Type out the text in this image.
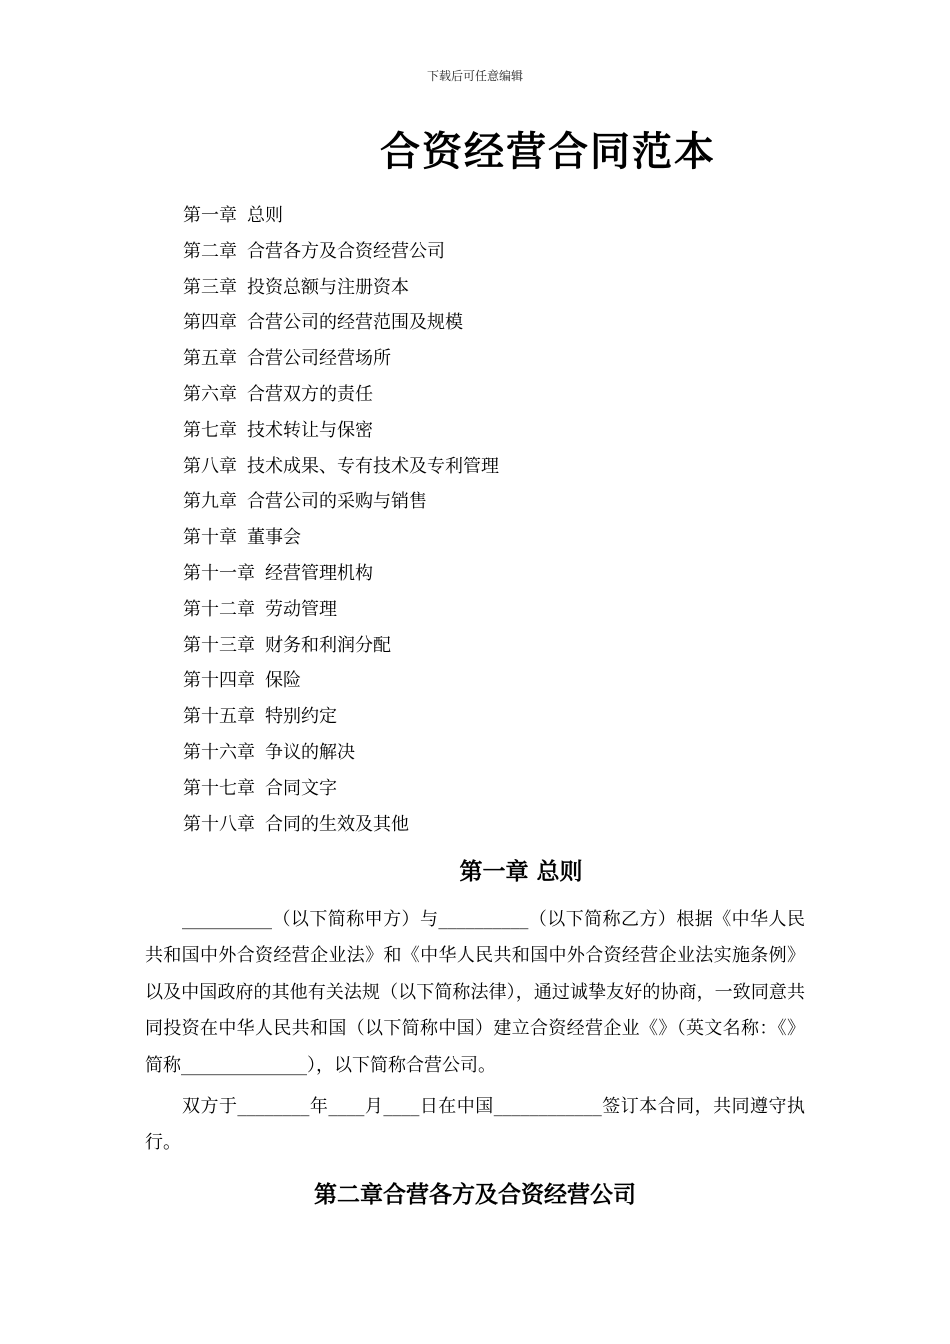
下载后可任意编辑
合资经营合同范本
第一章 总则
第二章 合营各方及合资经营公司
第三章 投资总额与注册资本
第四章 合营公司的经营范围及规模
第五章 合营公司经营场所
第六章 合营双方的责任
第七章 技术转让与保密
第八章 技术成果、专有技术及专利管理
第九章 合营公司的采购与销售
第十章 董事会
第十一章 经营管理机构
第十二章 劳动管理
第十三章 财务和利润分配
第十四章 保险
第十五章 特别约定
第十六章 争议的解决
第十七章 合同文字
第十八章 合同的生效及其他
第一章 总则

__________（以下简称甲方）与__________（以下简称乙方）根据《中华人民共和国中外合资经营企业法》和《中华人民共和国中外合资经营企业法实施条例》以及中国政府的其他有关法规（以下简称法律），通过诚挚友好的协商，一致同意共同投资在中华人民共和国（以下简称中国）建立合资经营企业《》（英文名称：《》简称______________），以下简称合营公司。

双方于________年____月____日在中国____________签订本合同，共同遵守执行。

第二章合营各方及合资经营公司
